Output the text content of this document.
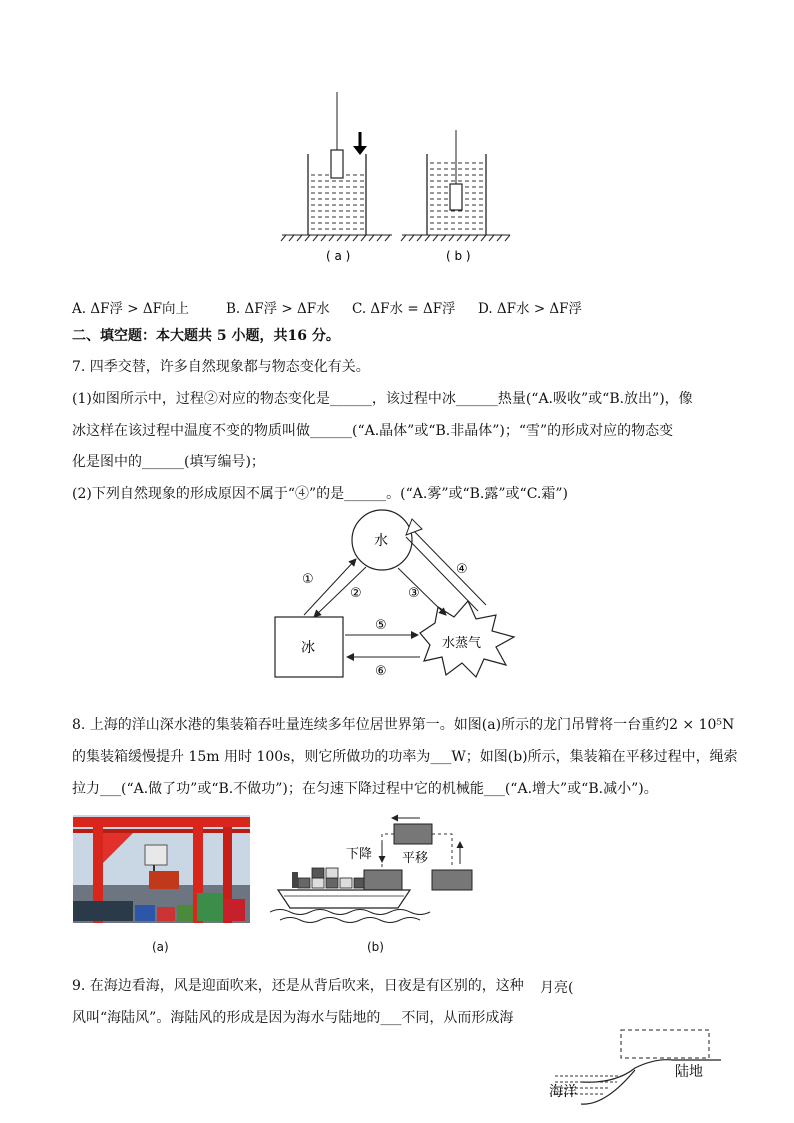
( a )	( b )
A. ΔF浮 > ΔF向上	B. ΔF浮 > ΔF水 C. ΔF水 = ΔF浮 D. ΔF水 > ΔF浮
二、填空题：本大题共 5 小题，共16 分。
7. 四季交替，许多自然现象都与物态变化有关。
(1)如图所示中，过程②对应的物态变化是______，该过程中冰______热量(“A.吸收”或“B.放出”)，像
冰这样在该过程中温度不变的物质叫做______(“A.晶体”或“B.非晶体”)；“雪”的形成对应的物态变
化是图中的______(填写编号)；
(2)下列自然现象的形成原因不属于“④”的是______。(“A.雾”或“B.露”或“C.霜”)
水
冰	水蒸气
①
②	③
④
⑤
⑥
8. 上海的洋山深水港的集装箱吞吐量连续多年位居世界第一。如图(a)所示的龙门吊臂将一台重约2 × 10⁵N
的集装箱缓慢提升 15m 用时 100s，则它所做功的功率为___W；如图(b)所示，集装箱在平移过程中，绳索
拉力___(“A.做了功”或“B.不做功”)；在匀速下降过程中它的机械能___(“A.增大”或“B.减小”)。
(a)
下降 平移
(b)
9. 在海边看海，风是迎面吹来，还是从背后吹来，日夜是有区别的，这种
风叫“海陆风”。海陆风的形成是因为海水与陆地的___不同，从而形成海
月亮(
陆地
海洋
